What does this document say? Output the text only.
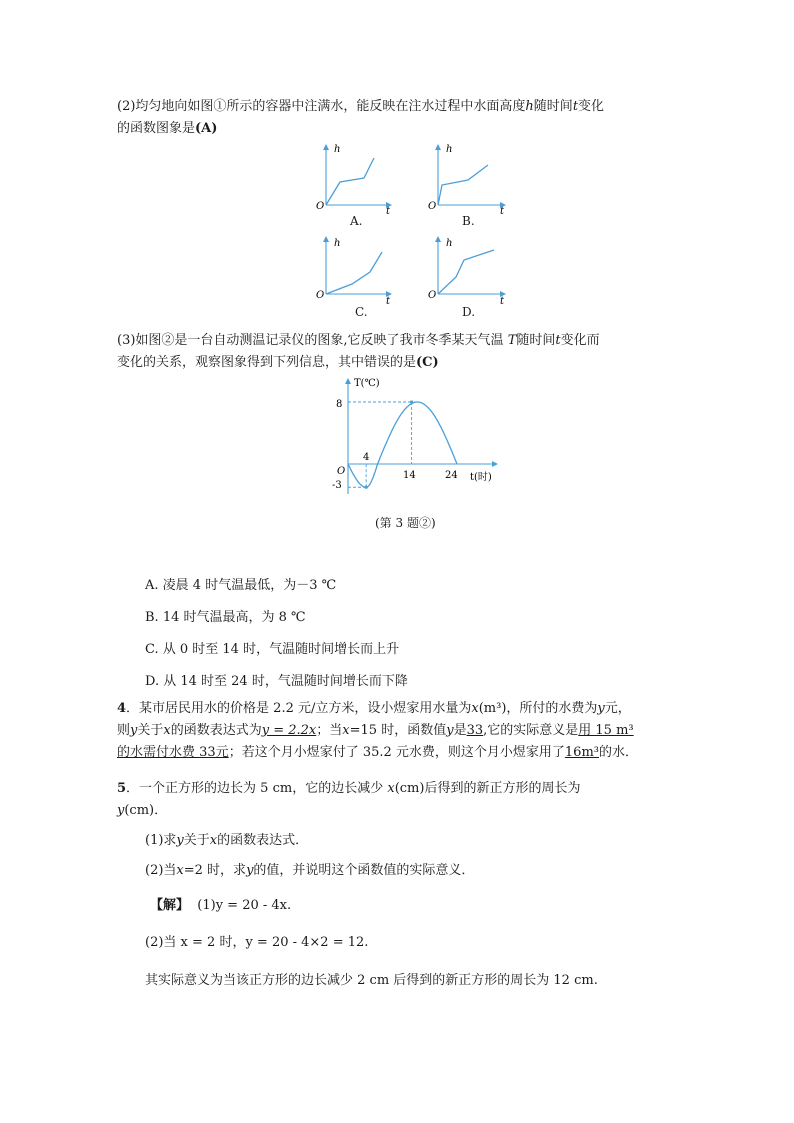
(2)均匀地向如图①所示的容器中注满水，能反映在注水过程中水面高度h随时间t变化
的函数图象是(A)

h
O	t
A.
h
O	t
B.
h
O
t
C.
h
O
t
D.

(3)如图②是一台自动测温记录仪的图象,它反映了我市冬季某天气温 T随时间t变化而
变化的关系，观察图象得到下列信息，其中错误的是(C)

T(℃)
t(时)
O
8
-3
4
14	24
(第 3 题②)
A. 凌晨 4 时气温最低，为－3 ℃
B. 14 时气温最高，为 8 ℃
C. 从 0 时至 14 时，气温随时间增长而上升
D. 从 14 时至 24 时，气温随时间增长而下降

4．某市居民用水的价格是 2.2 元/立方米，设小煜家用水量为x(m³)，所付的水费为y元，
则y关于x的函数表达式为y = 2.2x；当x=15 时，函数值y是33,它的实际意义是用 15 m³
的水需付水费 33元；若这个月小煜家付了 35.2 元水费，则这个月小煜家用了16m³的水．

5．一个正方形的边长为 5 cm，它的边长减少 x(cm)后得到的新正方形的周长为
y(cm)．

(1)求y关于x的函数表达式．
(2)当x=2 时，求y的值，并说明这个函数值的实际意义．
【解】 (1)y = 20 - 4x.
(2)当 x = 2 时，y = 20 - 4×2 = 12.
其实际意义为当该正方形的边长减少 2 cm 后得到的新正方形的周长为 12 cm.
